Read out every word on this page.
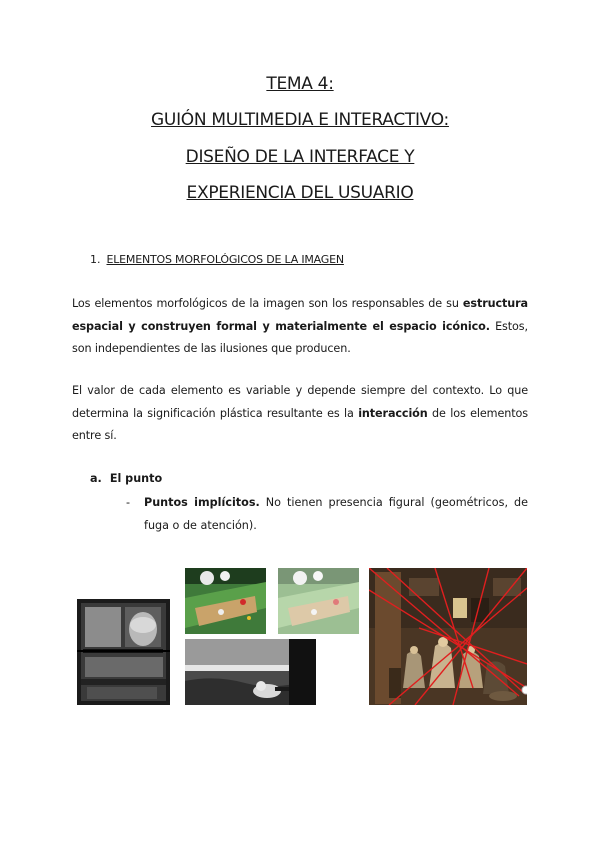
TEMA 4:
GUIÓN MULTIMEDIA E INTERACTIVO:
DISEÑO DE LA INTERFACE Y
EXPERIENCIA DEL USUARIO
1. ELEMENTOS MORFOLÓGICOS DE LA IMAGEN
Los elementos morfológicos de la imagen son los responsables de su estructura espacial y construyen formal y materialmente el espacio icónico. Estos, son independientes de las ilusiones que producen.
El valor de cada elemento es variable y depende siempre del contexto. Lo que determina la significación plástica resultante es la interacción de los elementos entre sí.
a. El punto
- Puntos implícitos. No tienen presencia figural (geométricos, de fuga o de atención).
